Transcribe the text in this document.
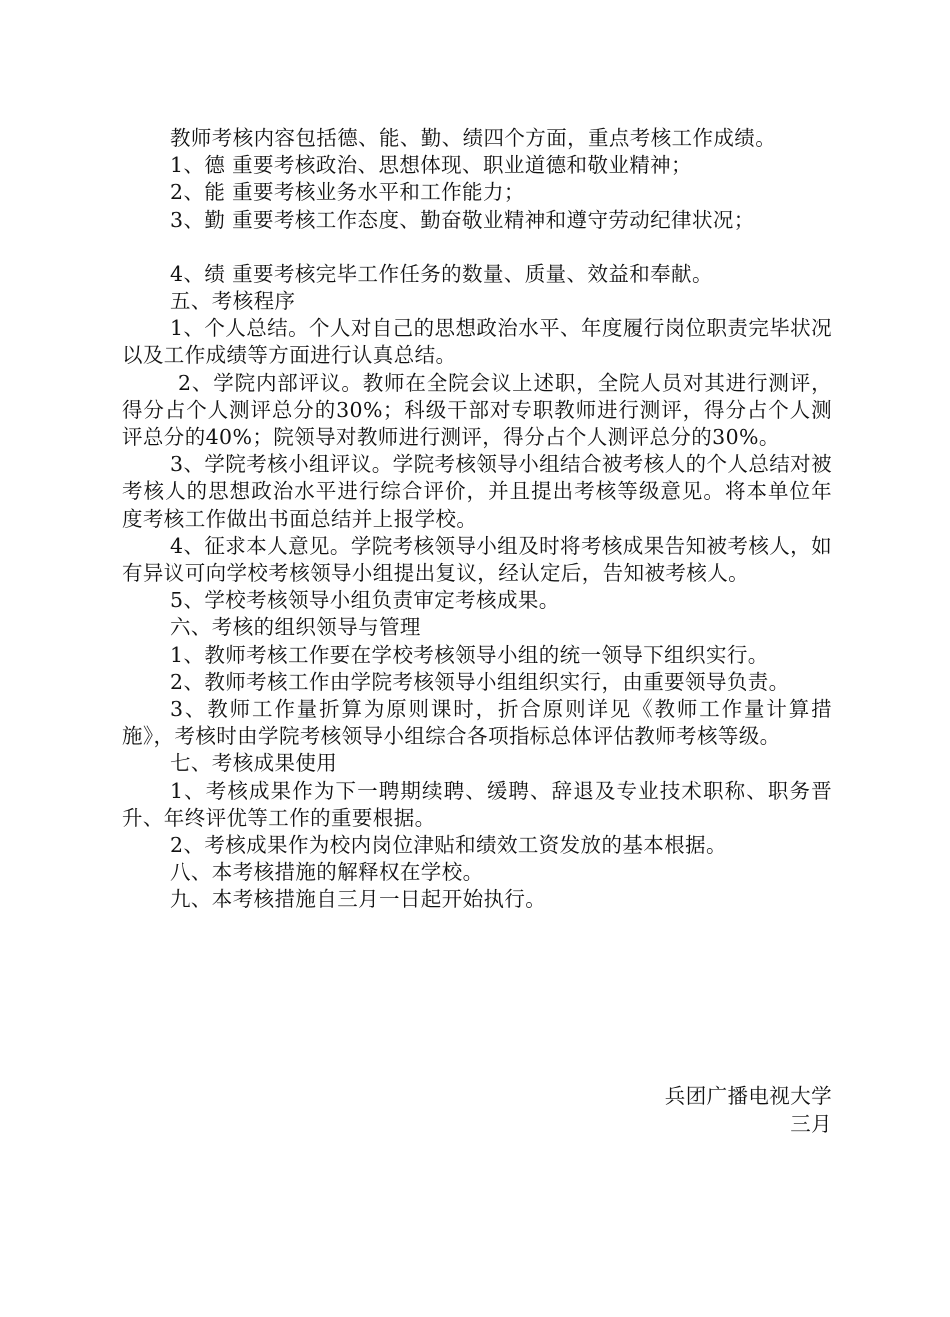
教师考核内容包括德、能、勤、绩四个方面，重点考核工作成绩。

1、德 重要考核政治、思想体现、职业道德和敬业精神；

2、能 重要考核业务水平和工作能力；

3、勤 重要考核工作态度、勤奋敬业精神和遵守劳动纪律状况；

4、绩 重要考核完毕工作任务的数量、质量、效益和奉献。

五、考核程序

1、个人总结。个人对自己的思想政治水平、年度履行岗位职责完毕状况以及工作成绩等方面进行认真总结。

2、学院内部评议。教师在全院会议上述职，全院人员对其进行测评，得分占个人测评总分的30%；科级干部对专职教师进行测评，得分占个人测评总分的40%；院领导对教师进行测评，得分占个人测评总分的30%。

3、学院考核小组评议。学院考核领导小组结合被考核人的个人总结对被考核人的思想政治水平进行综合评价，并且提出考核等级意见。将本单位年度考核工作做出书面总结并上报学校。

4、征求本人意见。学院考核领导小组及时将考核成果告知被考核人，如有异议可向学校考核领导小组提出复议，经认定后，告知被考核人。

5、学校考核领导小组负责审定考核成果。

六、考核的组织领导与管理

1、教师考核工作要在学校考核领导小组的统一领导下组织实行。

2、教师考核工作由学院考核领导小组组织实行，由重要领导负责。

3、教师工作量折算为原则课时，折合原则详见《教师工作量计算措施》，考核时由学院考核领导小组综合各项指标总体评估教师考核等级。

七、考核成果使用

1、考核成果作为下一聘期续聘、缓聘、辞退及专业技术职称、职务晋升、年终评优等工作的重要根据。

2、考核成果作为校内岗位津贴和绩效工资发放的基本根据。

八、本考核措施的解释权在学校。

九、本考核措施自三月一日起开始执行。

兵团广播电视大学
三月
